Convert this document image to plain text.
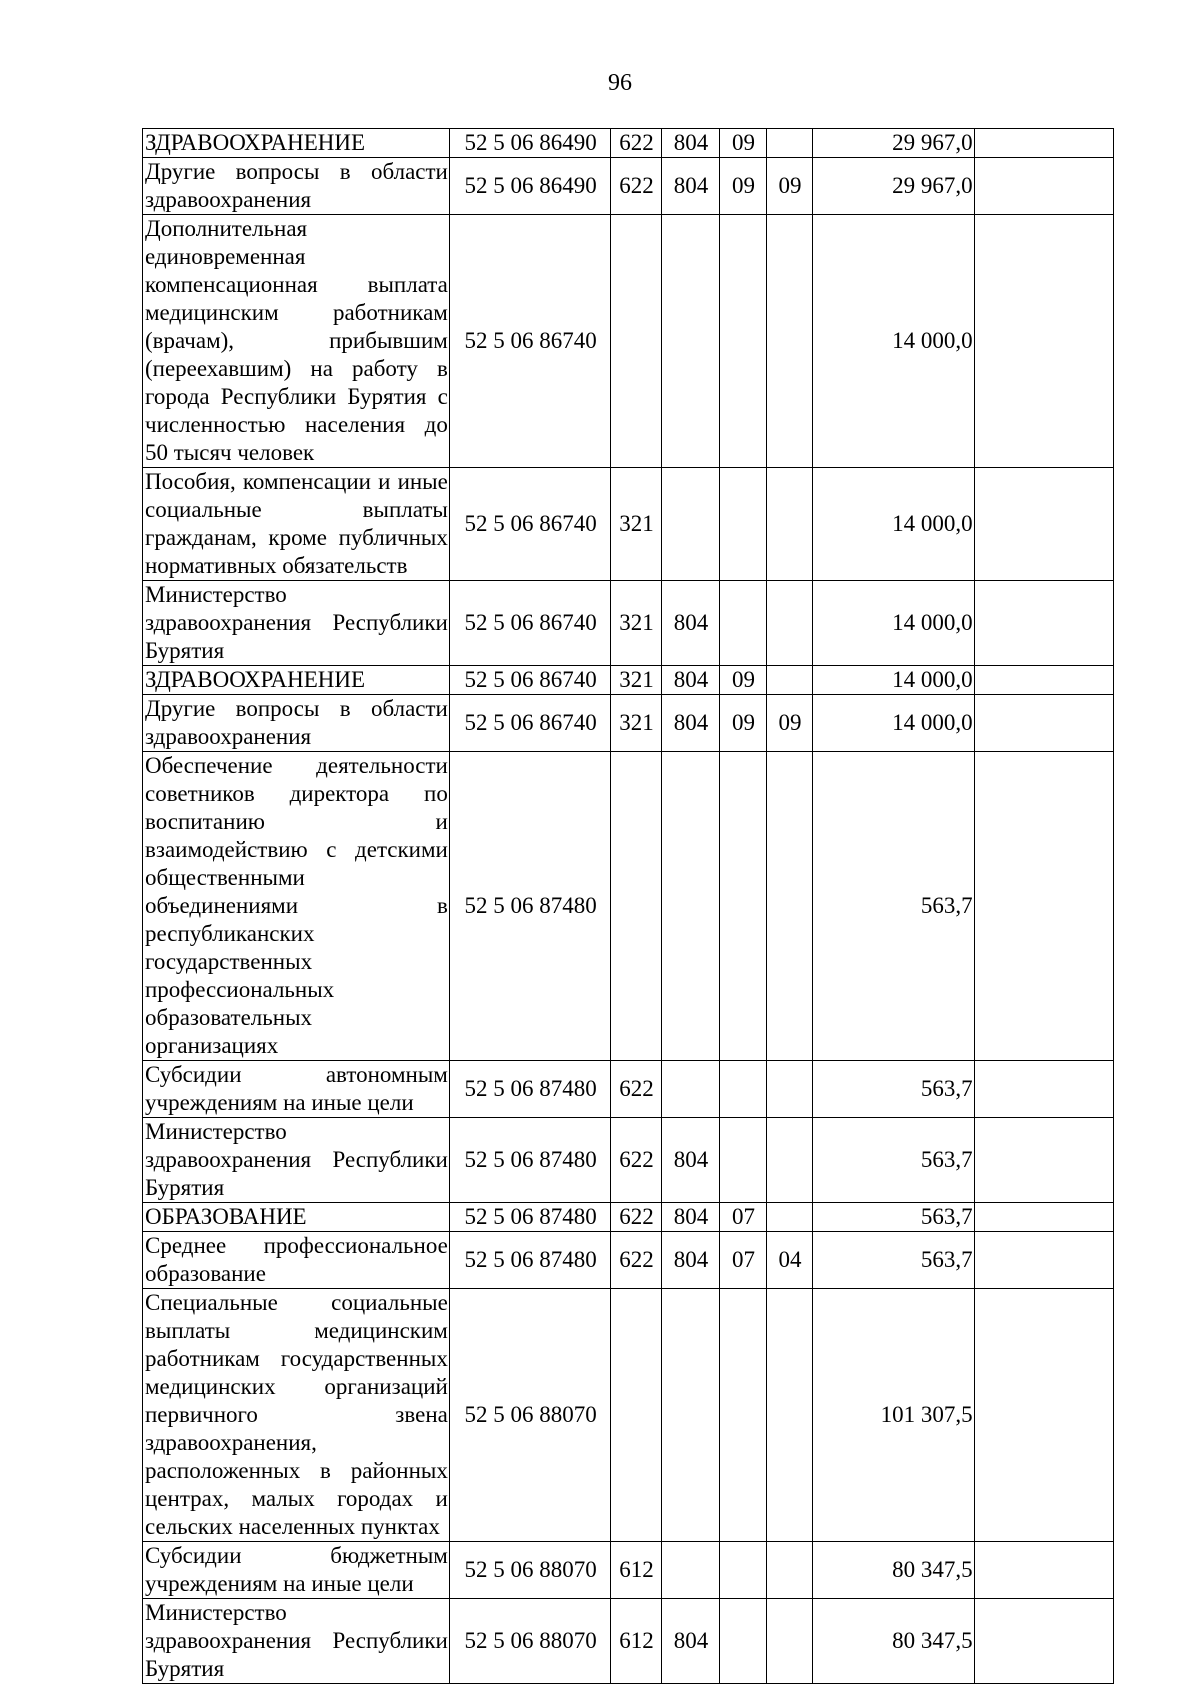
96
ЗДРАВООХРАНЕНИЕ	52 5 06 86490	622	804	09		29 967,0	
Другие вопросы в области здравоохранения	52 5 06 86490	622	804	09	09	29 967,0	
Дополнительная единовременная компенсационная выплата медицинским работникам (врачам), прибывшим (переехавшим) на работу в города Республики Бурятия с численностью населения до 50 тысяч человек	52 5 06 86740					14 000,0	
Пособия, компенсации и иные социальные выплаты гражданам, кроме публичных нормативных обязательств	52 5 06 86740	321				14 000,0	
Министерство здравоохранения Республики Бурятия	52 5 06 86740	321	804			14 000,0	
ЗДРАВООХРАНЕНИЕ	52 5 06 86740	321	804	09		14 000,0	
Другие вопросы в области здравоохранения	52 5 06 86740	321	804	09	09	14 000,0	
Обеспечение деятельности советников директора по воспитанию и взаимодействию с детскими общественными объединениями в республиканских государственных профессиональных образовательных организациях	52 5 06 87480					563,7	
Субсидии автономным учреждениям на иные цели	52 5 06 87480	622				563,7	
Министерство здравоохранения Республики Бурятия	52 5 06 87480	622	804			563,7	
ОБРАЗОВАНИЕ	52 5 06 87480	622	804	07		563,7	
Среднее профессиональное образование	52 5 06 87480	622	804	07	04	563,7	
Специальные социальные выплаты медицинским работникам государственных медицинских организаций первичного звена здравоохранения, расположенных в районных центрах, малых городах и сельских населенных пунктах	52 5 06 88070					101 307,5	
Субсидии бюджетным учреждениям на иные цели	52 5 06 88070	612				80 347,5	
Министерство здравоохранения Республики Бурятия	52 5 06 88070	612	804			80 347,5	
